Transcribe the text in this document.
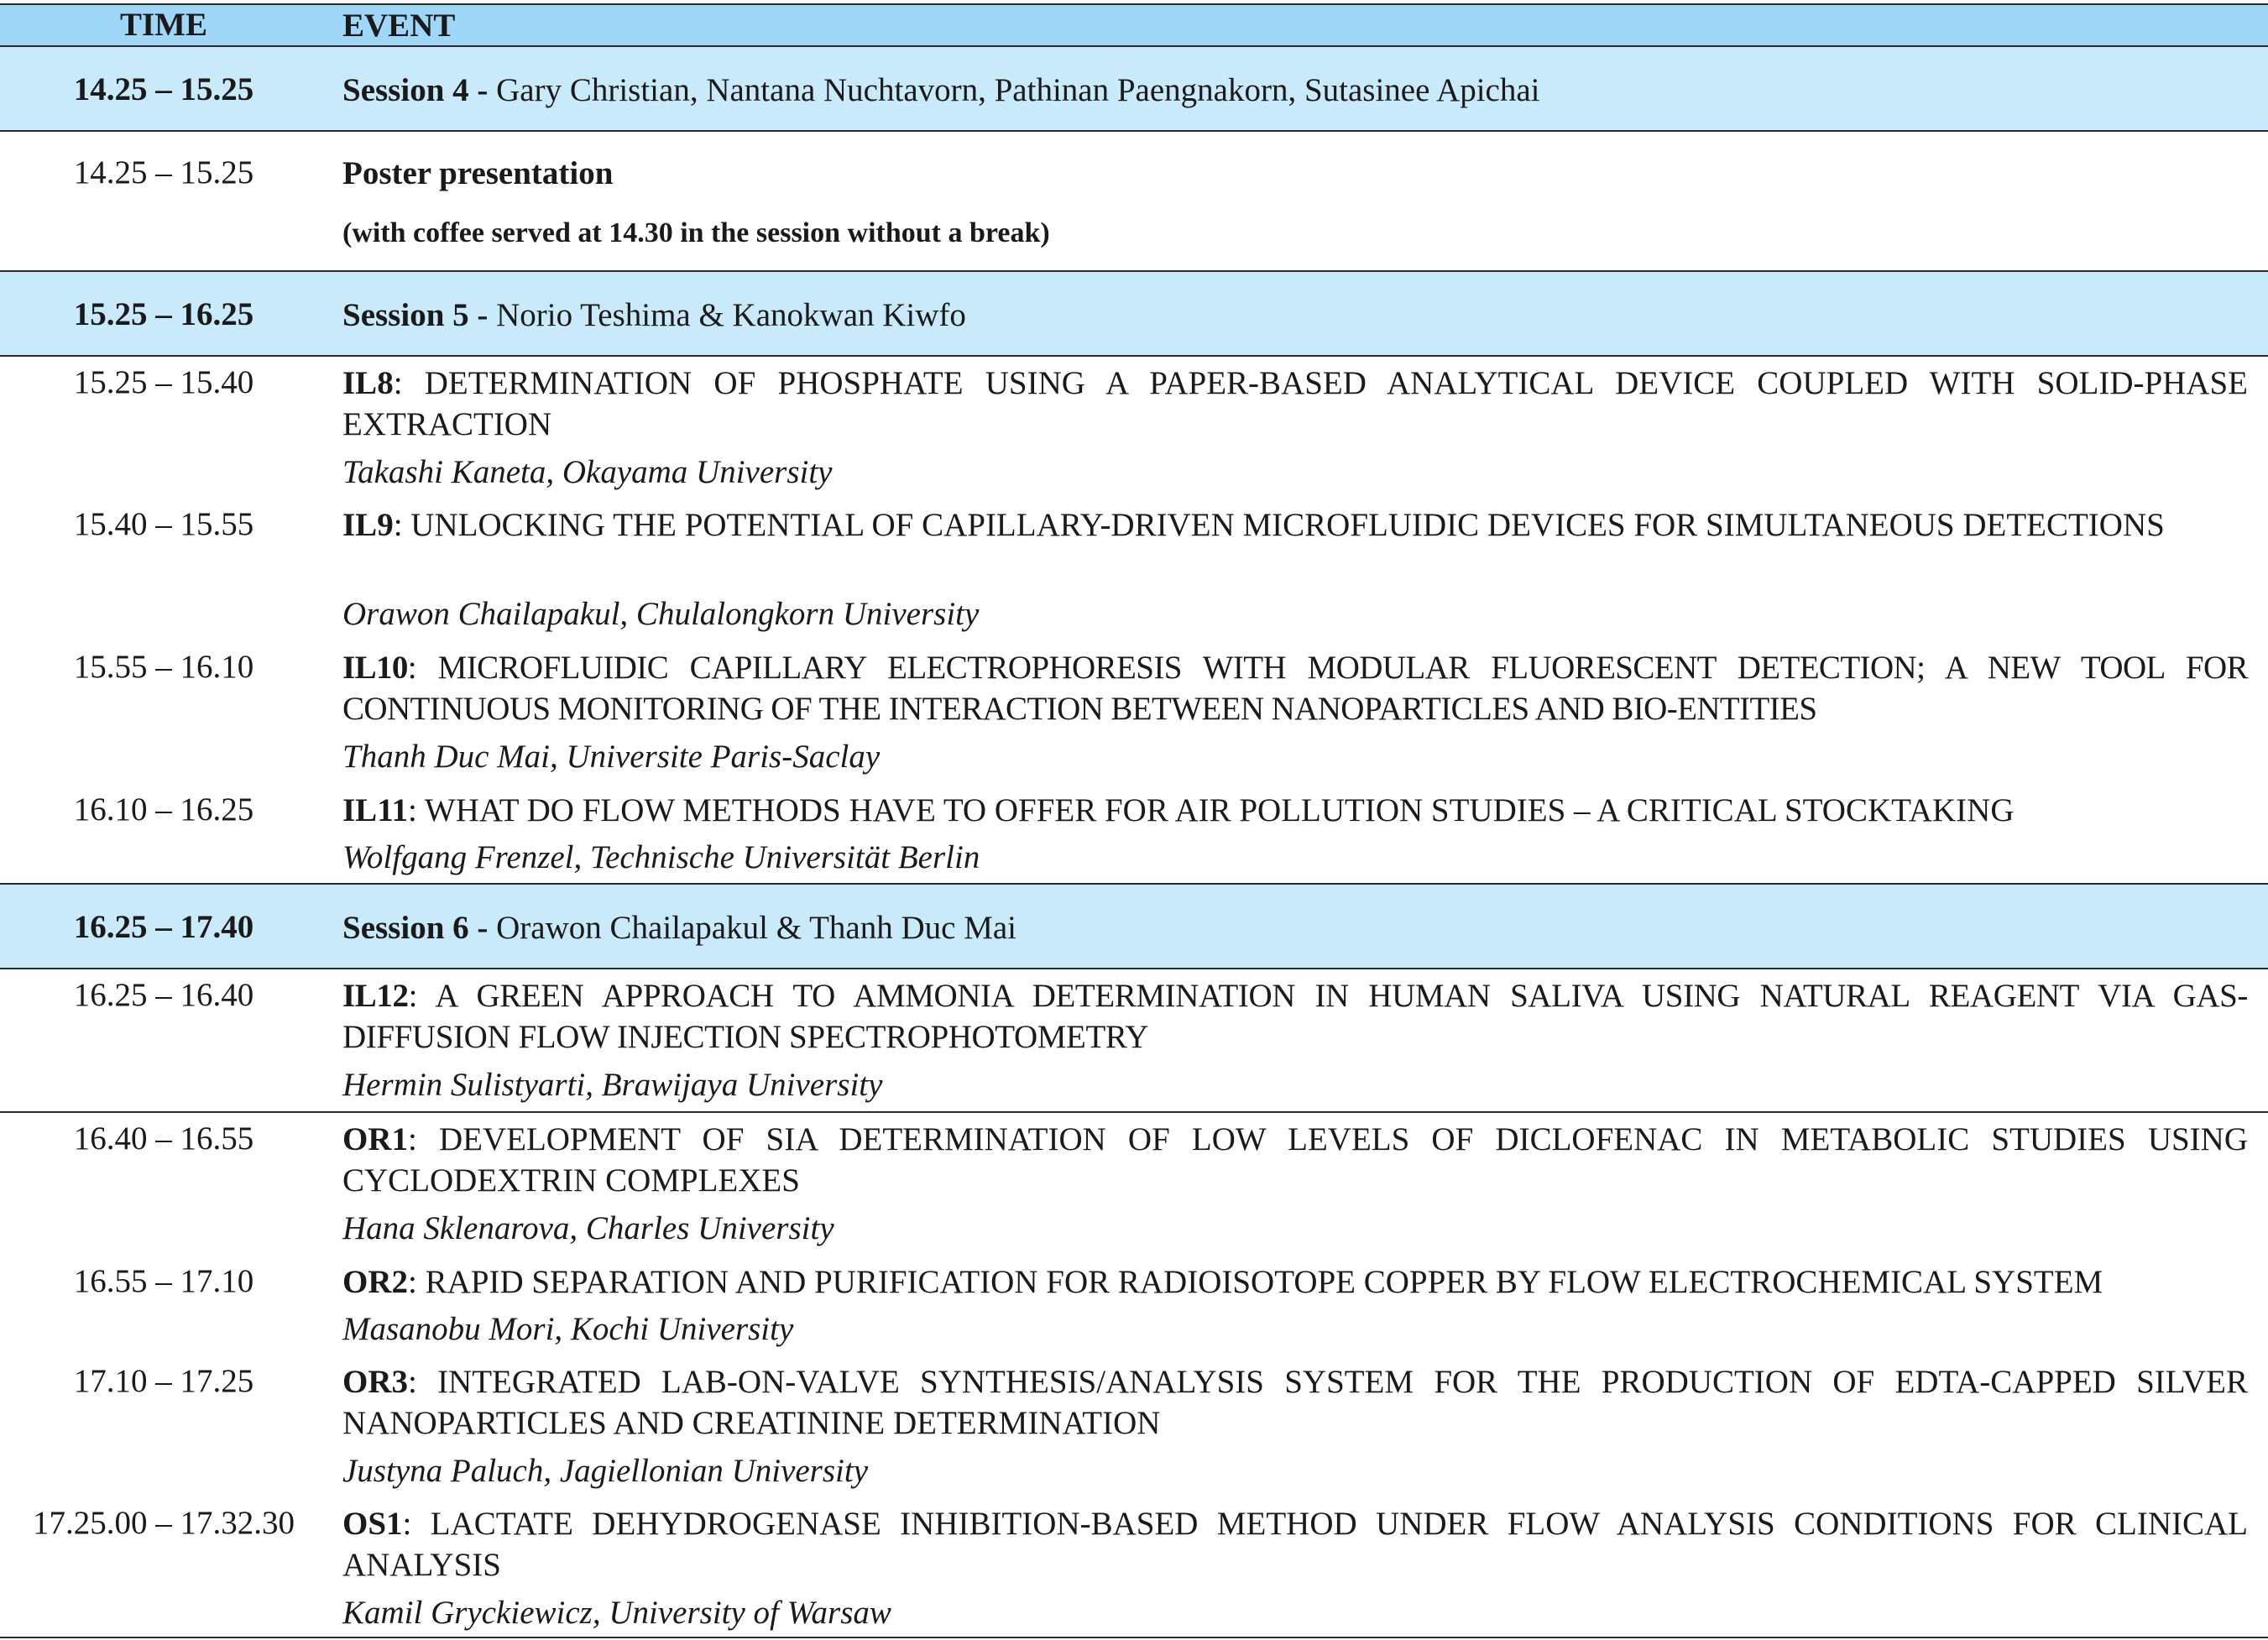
TIME	EVENT
14.25 – 15.25	Session 4 - Gary Christian, Nantana Nuchtavorn, Pathinan Paengnakorn, Sutasinee Apichai
14.25 – 15.25	Poster presentation
(with coffee served at 14.30 in the session without a break)
15.25 – 16.25	Session 5 - Norio Teshima & Kanokwan Kiwfo
15.25 – 15.40	IL8: DETERMINATION OF PHOSPHATE USING A PAPER-BASED ANALYTICAL DEVICE COUPLED WITH SOLID-PHASE EXTRACTION
Takashi Kaneta, Okayama University
15.40 – 15.55	IL9: UNLOCKING THE POTENTIAL OF CAPILLARY-DRIVEN MICROFLUIDIC DEVICES FOR SIMULTANEOUS DETECTIONS
Orawon Chailapakul, Chulalongkorn University
15.55 – 16.10	IL10: MICROFLUIDIC CAPILLARY ELECTROPHORESIS WITH MODULAR FLUORESCENT DETECTION; A NEW TOOL FOR CONTINUOUS MONITORING OF THE INTERACTION BETWEEN NANOPARTICLES AND BIO-ENTITIES
Thanh Duc Mai, Universite Paris-Saclay
16.10 – 16.25	IL11: WHAT DO FLOW METHODS HAVE TO OFFER FOR AIR POLLUTION STUDIES – A CRITICAL STOCKTAKING
Wolfgang Frenzel, Technische Universität Berlin
16.25 – 17.40	Session 6 - Orawon Chailapakul & Thanh Duc Mai
16.25 – 16.40	IL12: A GREEN APPROACH TO AMMONIA DETERMINATION IN HUMAN SALIVA USING NATURAL REAGENT VIA GAS-DIFFUSION FLOW INJECTION SPECTROPHOTOMETRY
Hermin Sulistyarti, Brawijaya University
16.40 – 16.55	OR1: DEVELOPMENT OF SIA DETERMINATION OF LOW LEVELS OF DICLOFENAC IN METABOLIC STUDIES USING CYCLODEXTRIN COMPLEXES
Hana Sklenarova, Charles University
16.55 – 17.10	OR2: RAPID SEPARATION AND PURIFICATION FOR RADIOISOTOPE COPPER BY FLOW ELECTROCHEMICAL SYSTEM
Masanobu Mori, Kochi University
17.10 – 17.25	OR3: INTEGRATED LAB-ON-VALVE SYNTHESIS/ANALYSIS SYSTEM FOR THE PRODUCTION OF EDTA-CAPPED SILVER NANOPARTICLES AND CREATININE DETERMINATION
Justyna Paluch, Jagiellonian University
17.25.00 – 17.32.30	OS1: LACTATE DEHYDROGENASE INHIBITION-BASED METHOD UNDER FLOW ANALYSIS CONDITIONS FOR CLINICAL ANALYSIS
Kamil Gryckiewicz, University of Warsaw
